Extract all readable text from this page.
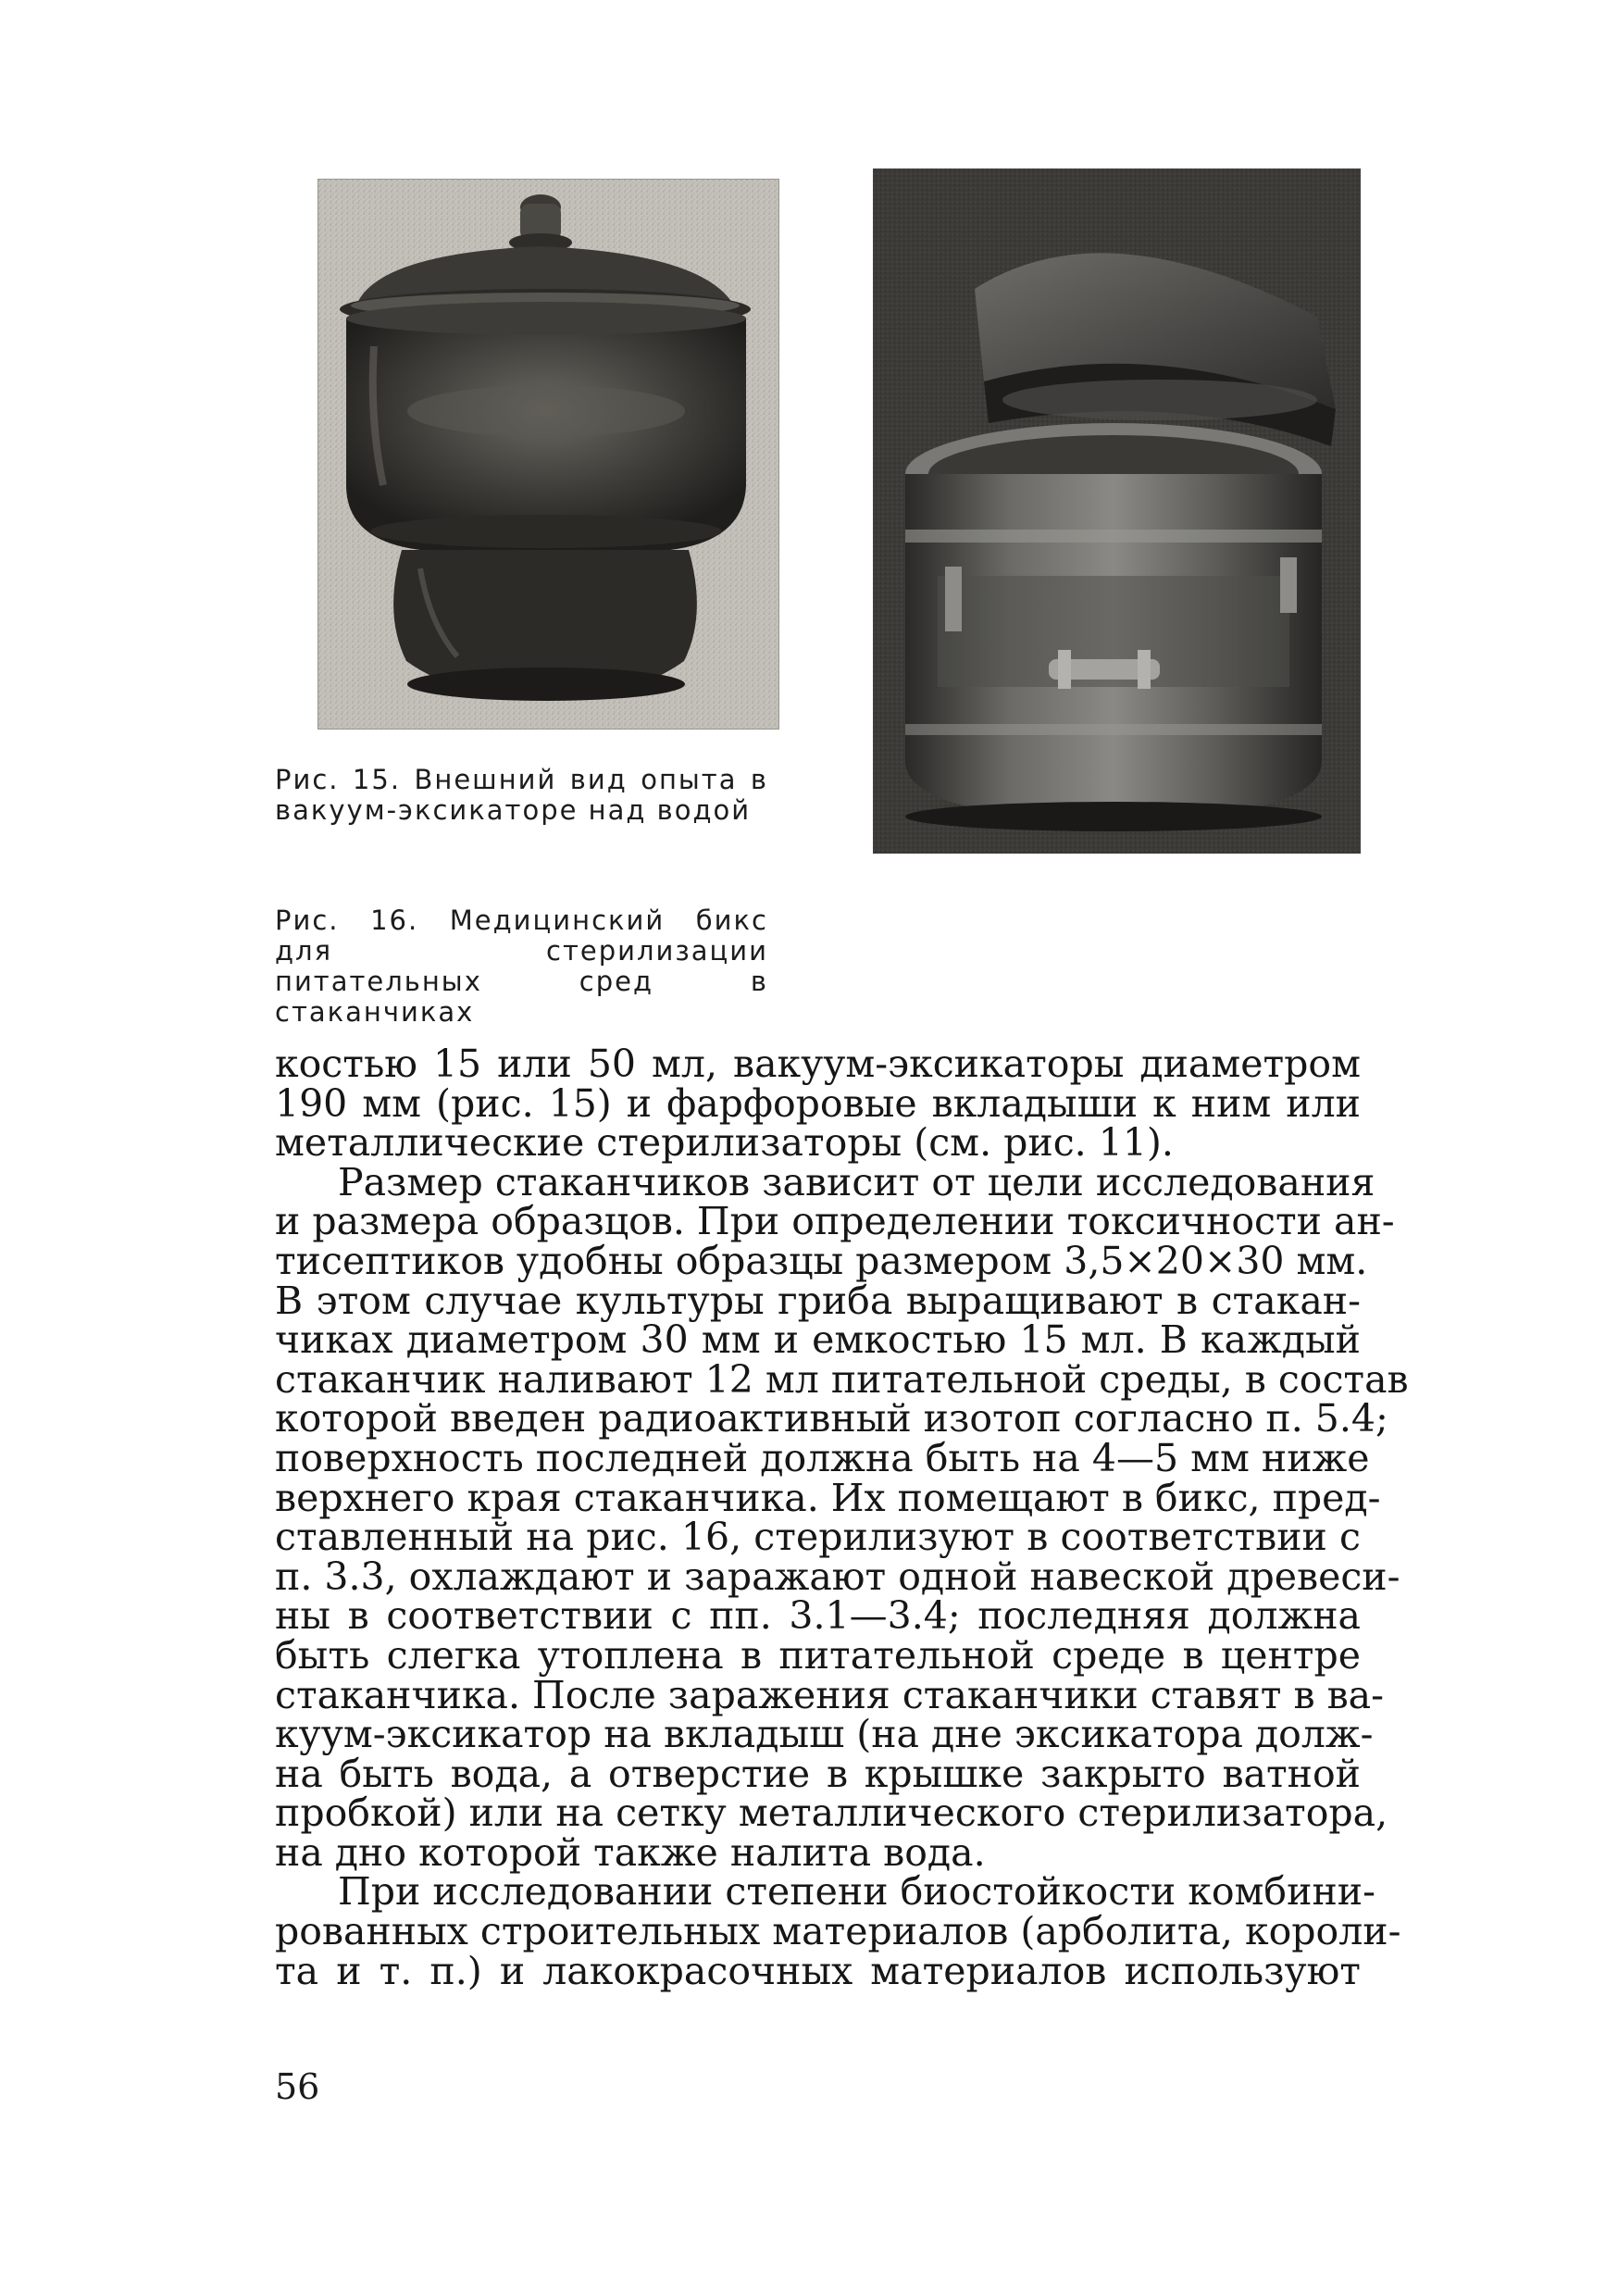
Рис. 15. Внешний вид опыта в вакуум-эксикаторе над водой
Рис. 16. Медицинский бикс для стерилизации питательных сред в стаканчиках
костью 15 или 50 мл, вакуум-эксикаторы диаметром
190 мм (рис. 15) и фарфоровые вкладыши к ним или
металлические стерилизаторы (см. рис. 11).
Размер стаканчиков зависит от цели исследования
и размера образцов. При определении токсичности ан-
тисептиков удобны образцы размером 3,5×20×30 мм.
В этом случае культуры гриба выращивают в стакан-
чиках диаметром 30 мм и емкостью 15 мл. В каждый
стаканчик наливают 12 мл питательной среды, в состав
которой введен радиоактивный изотоп согласно п. 5.4;
поверхность последней должна быть на 4—5 мм ниже
верхнего края стаканчика. Их помещают в бикс, пред-
ставленный на рис. 16, стерилизуют в соответствии с
п. 3.3, охлаждают и заражают одной навеской древеси-
ны в соответствии с пп. 3.1—3.4; последняя должна
быть слегка утоплена в питательной среде в центре
стаканчика. После заражения стаканчики ставят в ва-
куум-эксикатор на вкладыш (на дне эксикатора долж-
на быть вода, а отверстие в крышке закрыто ватной
пробкой) или на сетку металлического стерилизатора,
на дно которой также налита вода.
При исследовании степени биостойкости комбини-
рованных строительных материалов (арболита, короли-
та и т. п.) и лакокрасочных материалов используют
56
